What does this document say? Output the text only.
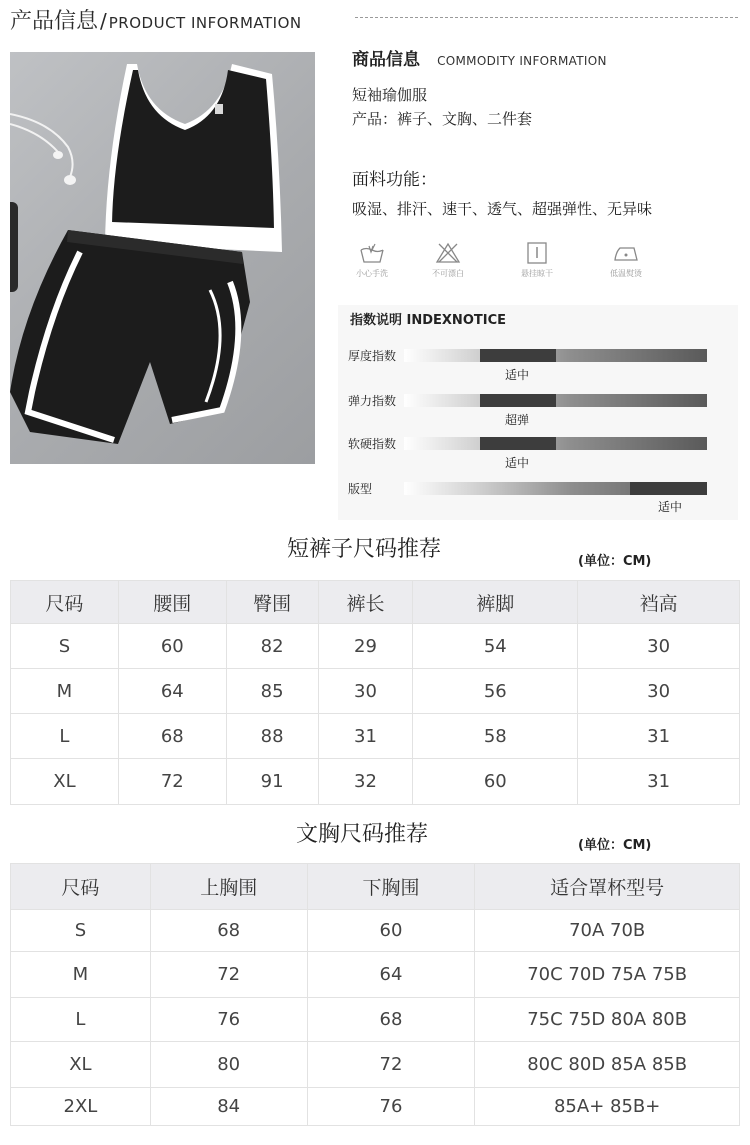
产品信息 / PRODUCT INFORMATION
商品信息 COMMODITY INFORMATION
短袖瑜伽服
产品：裤子、文胸、二件套
面料功能：
吸湿、排汗、速干、透气、超强弹性、无异味
小心手洗	不可漂白	悬挂晾干	低温熨烫
指数说明 INDEXNOTICE
厚度指数
适中
弹力指数
超弹
软硬指数
适中
版型
适中
短裤子尺码推荐	(单位：CM)
尺码	腰围	臀围	裤长	裤脚	裆高
S	60	82	29	54	30
M	64	85	30	56	30
L	68	88	31	58	31
XL	72	91	32	60	31
文胸尺码推荐	(单位：CM)
尺码	上胸围	下胸围	适合罩杯型号
S	68	60	70A 70B
M	72	64	70C 70D 75A 75B
L	76	68	75C 75D 80A 80B
XL	80	72	80C 80D 85A 85B
2XL	84	76	85A+ 85B+
